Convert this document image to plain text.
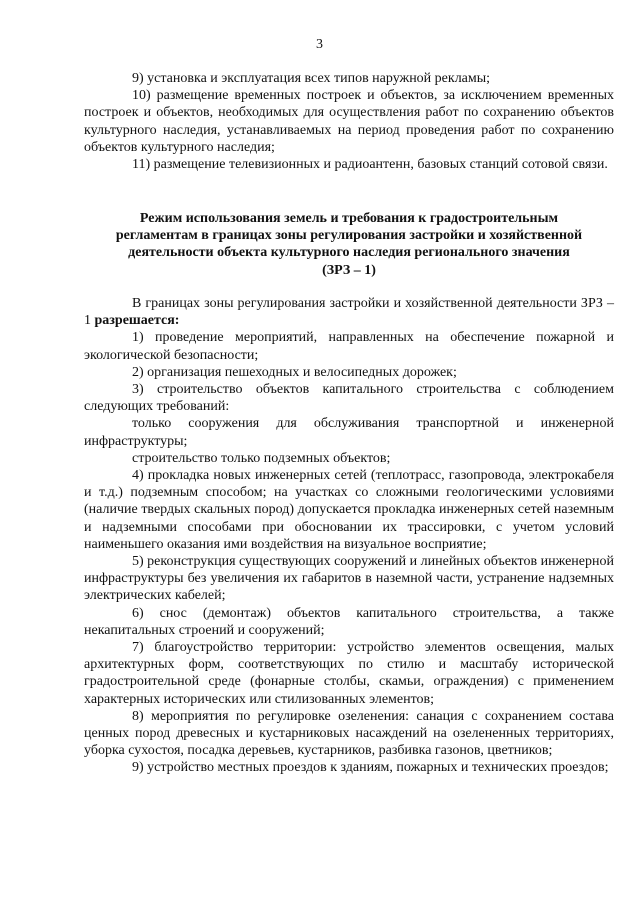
3

9) установка и эксплуатация всех типов наружной рекламы;

10) размещение временных построек и объектов, за исключением временных построек и объектов, необходимых для осуществления работ по сохранению объектов культурного наследия, устанавливаемых на период проведения работ по сохранению объектов культурного наследия;

11) размещение телевизионных и радиоантенн, базовых станций сотовой связи.

Режим использования земель и требования к градостроительным

регламентам в границах зоны регулирования застройки и хозяйственной

деятельности объекта культурного наследия регионального значения

(ЗРЗ – 1)

В границах зоны регулирования застройки и хозяйственной деятельности ЗРЗ – 1 разрешается:

1) проведение мероприятий, направленных на обеспечение пожарной и экологической безопасности;

2) организация пешеходных и велосипедных дорожек;

3) строительство объектов капитального строительства с соблюдением следующих требований:

только сооружения для обслуживания транспортной и инженерной инфраструктуры;

строительство только подземных объектов;

4) прокладка новых инженерных сетей (теплотрасс, газопровода, электрокабеля и т.д.) подземным способом; на участках со сложными геологическими условиями (наличие твердых скальных пород) допускается прокладка инженерных сетей наземным и надземными способами при обосновании их трассировки, с учетом условий наименьшего оказания ими воздействия на визуальное восприятие;

5) реконструкция существующих сооружений и линейных объектов инженерной инфраструктуры без увеличения их габаритов в наземной части, устранение надземных электрических кабелей;

6) снос (демонтаж) объектов капитального строительства, а также некапитальных строений и сооружений;

7) благоустройство территории: устройство элементов освещения, малых архитектурных форм, соответствующих по стилю и масштабу исторической градостроительной среде (фонарные столбы, скамьи, ограждения) с применением характерных исторических или стилизованных элементов;

8) мероприятия по регулировке озеленения: санация с сохранением состава ценных пород древесных и кустарниковых насаждений на озелененных территориях, уборка сухостоя, посадка деревьев, кустарников, разбивка газонов, цветников;

9) устройство местных проездов к зданиям, пожарных и технических проездов;
